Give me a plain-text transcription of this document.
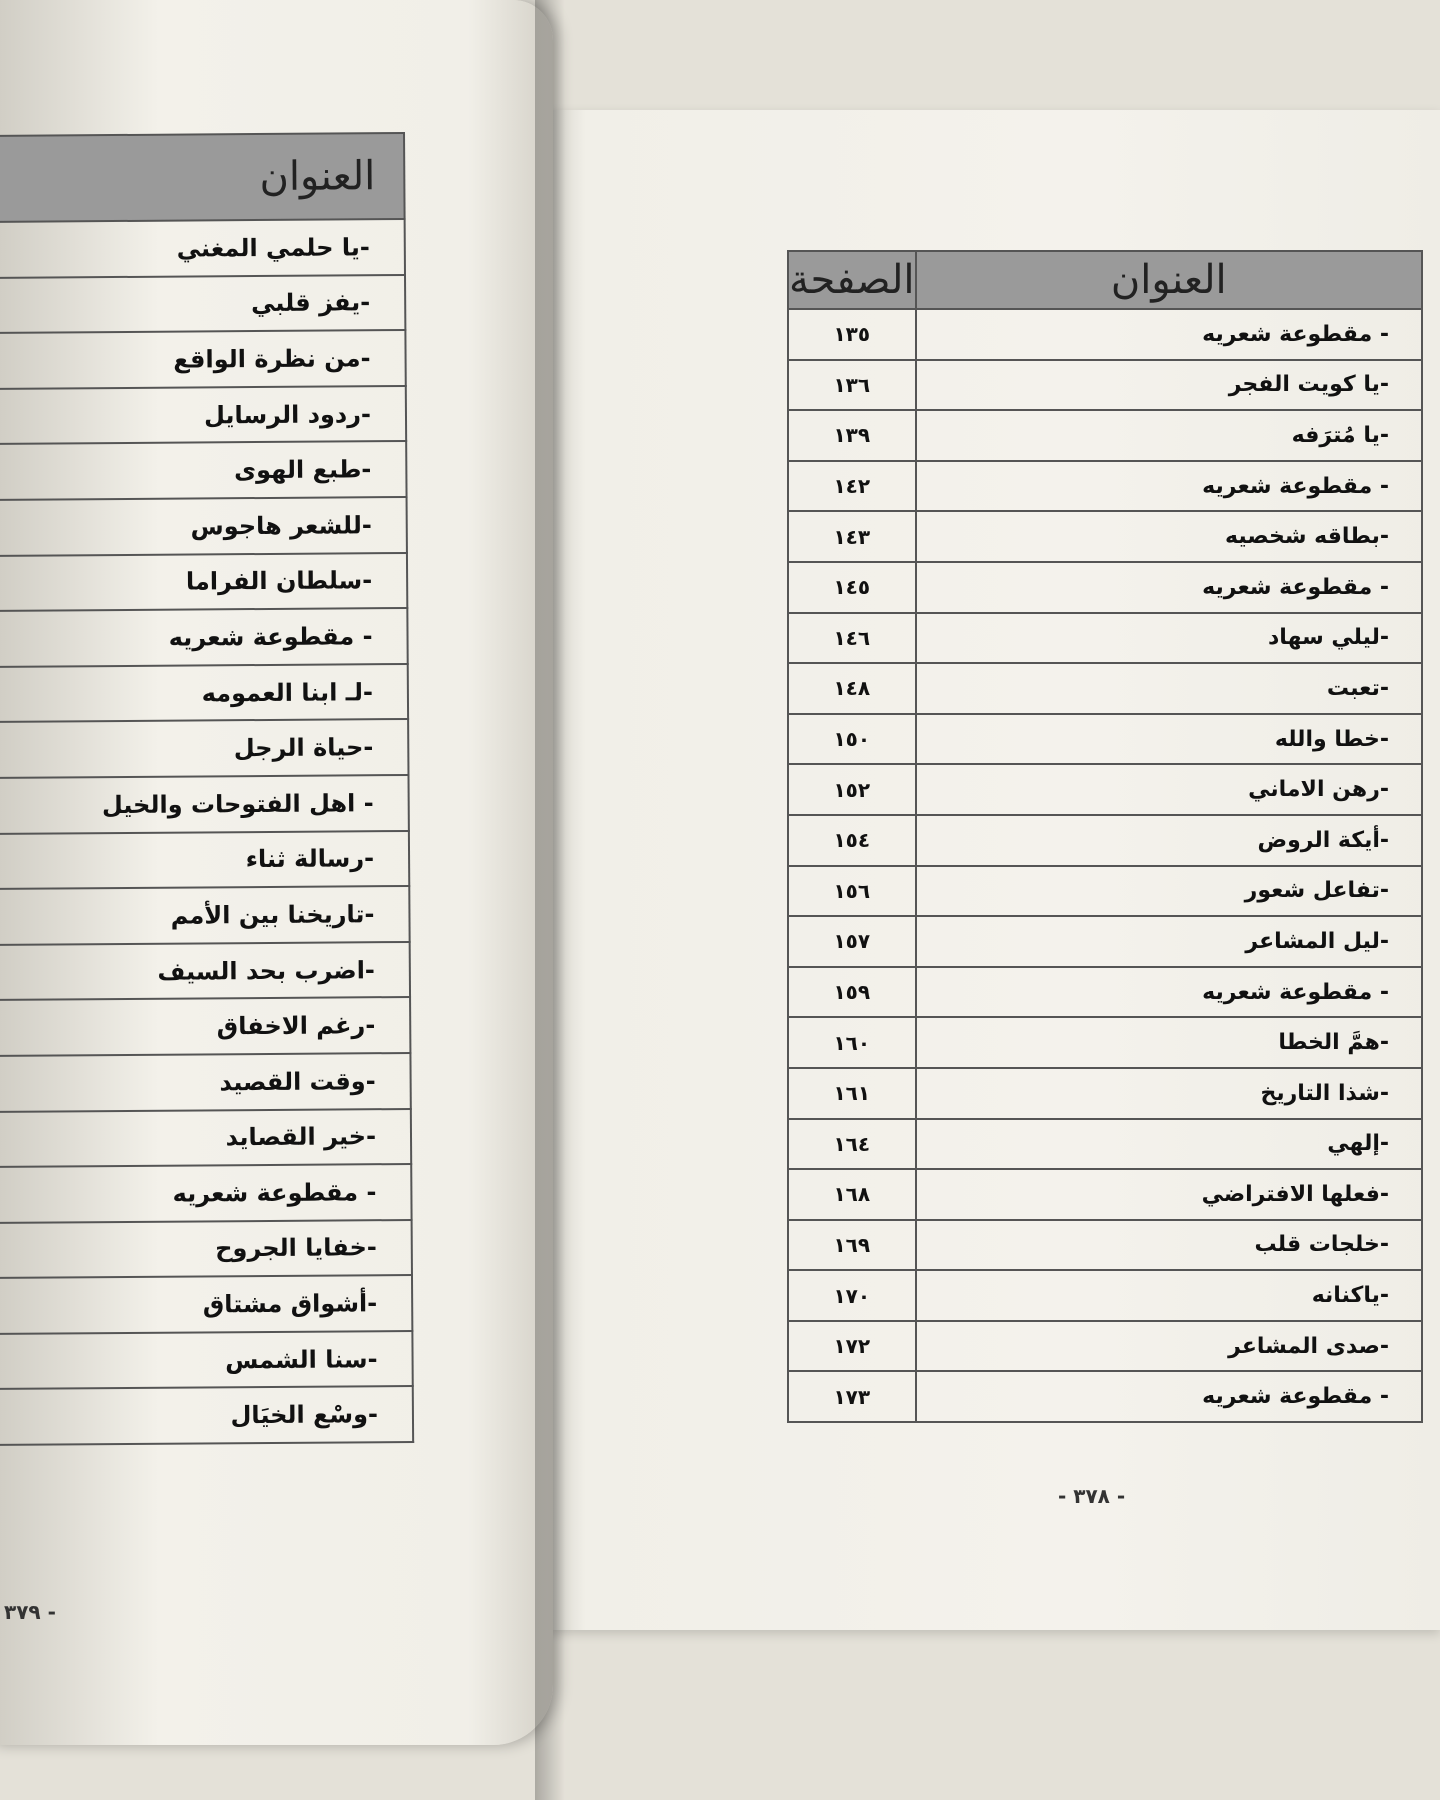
العنوان
-يا حلمي المغني
-يفز قلبي
-من نظرة الواقع
-ردود الرسايل
-طبع الهوى
-للشعر هاجوس
-سلطان الفراما
- مقطوعة شعريه
-لـ ابنا العمومه
-حياة الرجل
- اهل الفتوحات والخيل
-رسالة ثناء
-تاريخنا بين الأمم
-اضرب بحد السيف
-رغم الاخفاق
-وقت القصيد
-خير القصايد
- مقطوعة شعريه
-خفايا الجروح
-أشواق مشتاق
-سنا الشمس
-وسْع الخيَال
العنوان	الصفحة
- مقطوعة شعريه	١٣٥
-يا كويت الفجر	١٣٦
-يا مُترَفه	١٣٩
- مقطوعة شعريه	١٤٢
-بطاقه شخصيه	١٤٣
- مقطوعة شعريه	١٤٥
-ليلي سهاد	١٤٦
-تعبت	١٤٨
-خطا والله	١٥٠
-رهن الاماني	١٥٢
-أيكة الروض	١٥٤
-تفاعل شعور	١٥٦
-ليل المشاعر	١٥٧
- مقطوعة شعريه	١٥٩
-همَّ الخطا	١٦٠
-شذا التاريخ	١٦١
-إلهي	١٦٤
-فعلها الافتراضي	١٦٨
-خلجات قلب	١٦٩
-ياكنانه	١٧٠
-صدى المشاعر	١٧٢
- مقطوعة شعريه	١٧٣
- ٣٧٨ -
- ٣٧٩
